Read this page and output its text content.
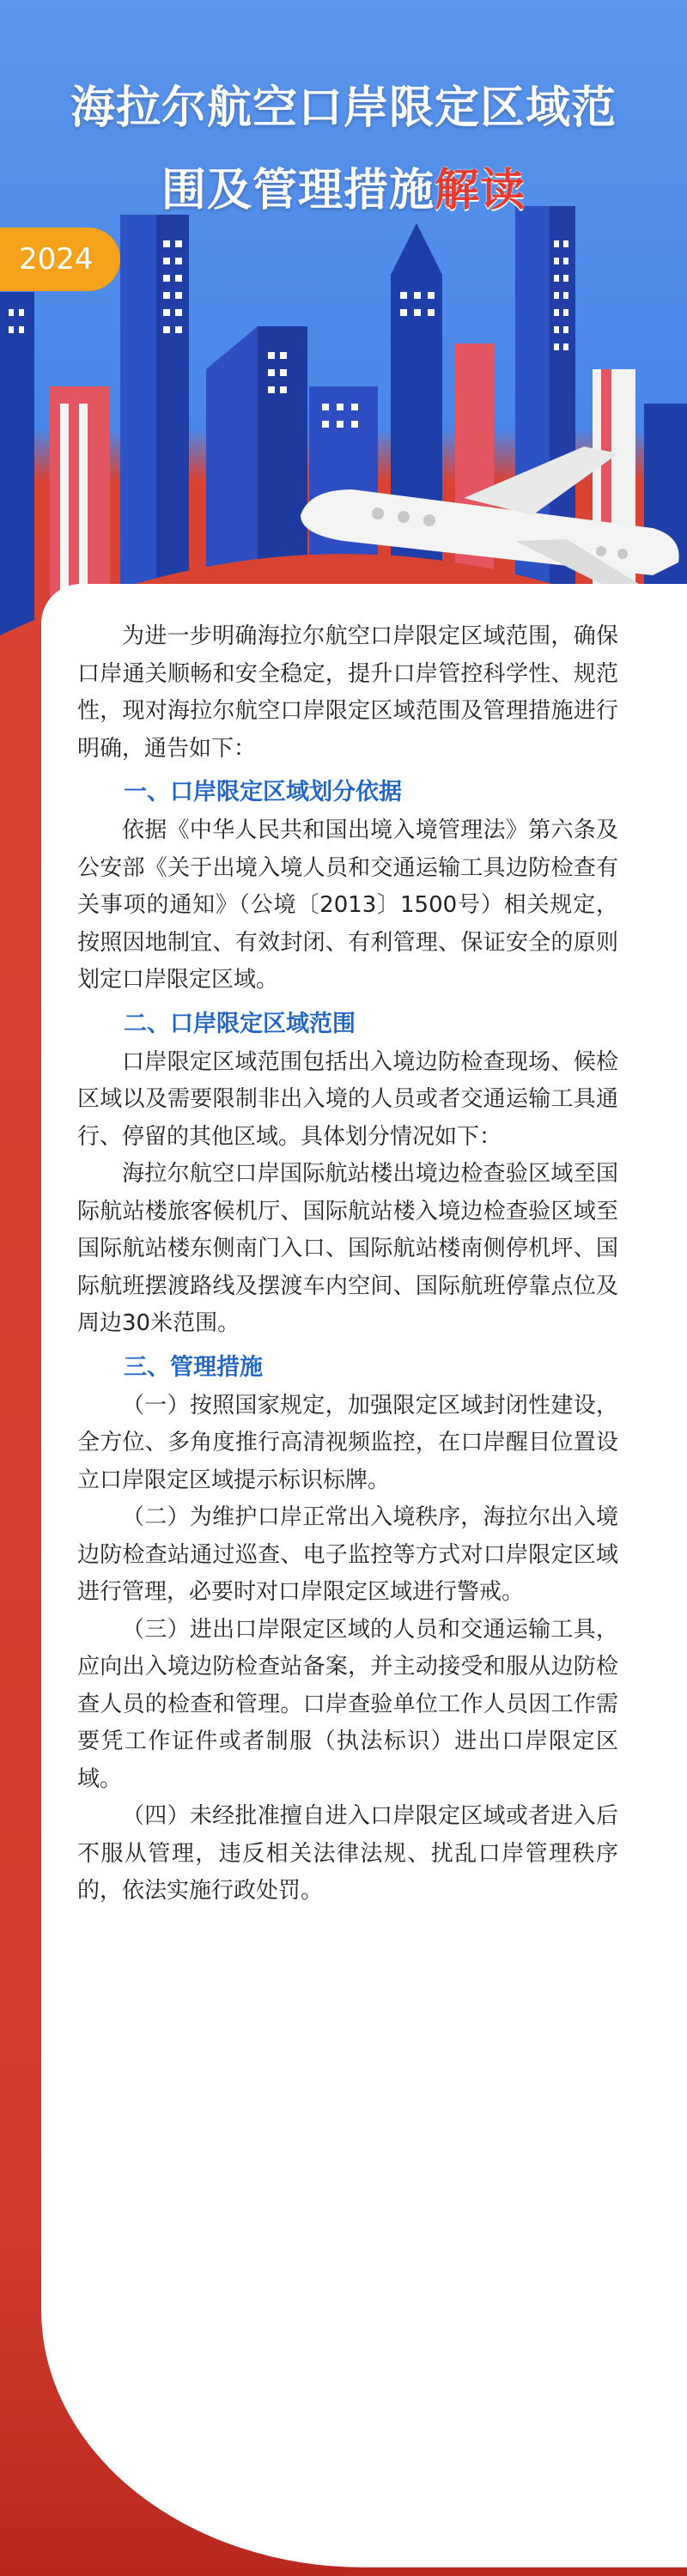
海拉尔航空口岸限定区域范
围及管理措施解读
2024

为进一步明确海拉尔航空口岸限定区域范围，确保口岸通关顺畅和安全稳定，提升口岸管控科学性、规范性，现对海拉尔航空口岸限定区域范围及管理措施进行明确，通告如下：

一、口岸限定区域划分依据

依据《中华人民共和国出境入境管理法》第六条及公安部《关于出境入境人员和交通运输工具边防检查有关事项的通知》（公境〔2013〕1500号）相关规定，按照因地制宜、有效封闭、有利管理、保证安全的原则划定口岸限定区域。

二、口岸限定区域范围

口岸限定区域范围包括出入境边防检查现场、候检区域以及需要限制非出入境的人员或者交通运输工具通行、停留的其他区域。具体划分情况如下：

海拉尔航空口岸国际航站楼出境边检查验区域至国际航站楼旅客候机厅、国际航站楼入境边检查验区域至国际航站楼东侧南门入口、国际航站楼南侧停机坪、国际航班摆渡路线及摆渡车内空间、国际航班停靠点位及周边30米范围。

三、管理措施

（一）按照国家规定，加强限定区域封闭性建设，全方位、多角度推行高清视频监控，在口岸醒目位置设立口岸限定区域提示标识标牌。

（二）为维护口岸正常出入境秩序，海拉尔出入境边防检查站通过巡查、电子监控等方式对口岸限定区域进行管理，必要时对口岸限定区域进行警戒。

（三）进出口岸限定区域的人员和交通运输工具，应向出入境边防检查站备案，并主动接受和服从边防检查人员的检查和管理。口岸查验单位工作人员因工作需要凭工作证件或者制服（执法标识）进出口岸限定区域。

（四）未经批准擅自进入口岸限定区域或者进入后不服从管理，违反相关法律法规、扰乱口岸管理秩序的，依法实施行政处罚。
